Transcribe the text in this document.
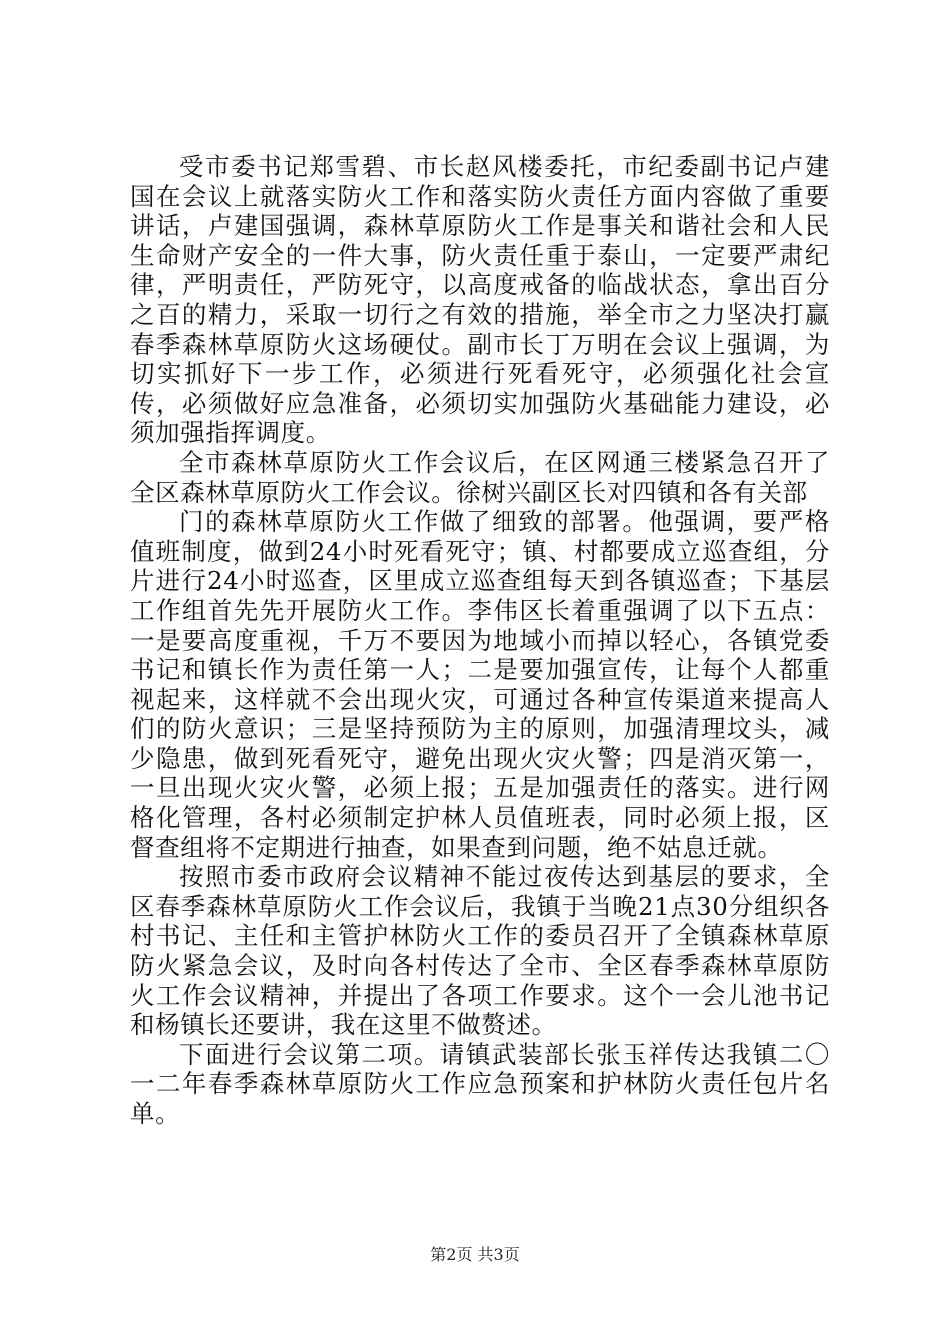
受市委书记郑雪碧、市长赵风楼委托，市纪委副书记卢建国在会议上就落实防火工作和落实防火责任方面内容做了重要讲话，卢建国强调，森林草原防火工作是事关和谐社会和人民生命财产安全的一件大事，防火责任重于泰山，一定要严肃纪律，严明责任，严防死守，以高度戒备的临战状态，拿出百分之百的精力，采取一切行之有效的措施，举全市之力坚决打赢春季森林草原防火这场硬仗。副市长丁万明在会议上强调，为切实抓好下一步工作，必须进行死看死守，必须强化社会宣传，必须做好应急准备，必须切实加强防火基础能力建设，必须加强指挥调度。

全市森林草原防火工作会议后，在区网通三楼紧急召开了全区森林草原防火工作会议。徐树兴副区长对四镇和各有关部

门的森林草原防火工作做了细致的部署。他强调，要严格值班制度，做到24小时死看死守；镇、村都要成立巡查组，分片进行24小时巡查，区里成立巡查组每天到各镇巡查；下基层工作组首先先开展防火工作。李伟区长着重强调了以下五点：一是要高度重视，千万不要因为地域小而掉以轻心，各镇党委书记和镇长作为责任第一人；二是要加强宣传，让每个人都重视起来，这样就不会出现火灾，可通过各种宣传渠道来提高人们的防火意识；三是坚持预防为主的原则，加强清理坟头，减少隐患，做到死看死守，避免出现火灾火警；四是消灭第一，一旦出现火灾火警，必须上报；五是加强责任的落实。进行网格化管理，各村必须制定护林人员值班表，同时必须上报，区督查组将不定期进行抽查，如果查到问题，绝不姑息迁就。

按照市委市政府会议精神不能过夜传达到基层的要求，全区春季森林草原防火工作会议后，我镇于当晚21点30分组织各村书记、主任和主管护林防火工作的委员召开了全镇森林草原防火紧急会议，及时向各村传达了全市、全区春季森林草原防火工作会议精神，并提出了各项工作要求。这个一会儿池书记和杨镇长还要讲，我在这里不做赘述。

下面进行会议第二项。请镇武装部长张玉祥传达我镇二〇一二年春季森林草原防火工作应急预案和护林防火责任包片名单。

第2页 共3页
